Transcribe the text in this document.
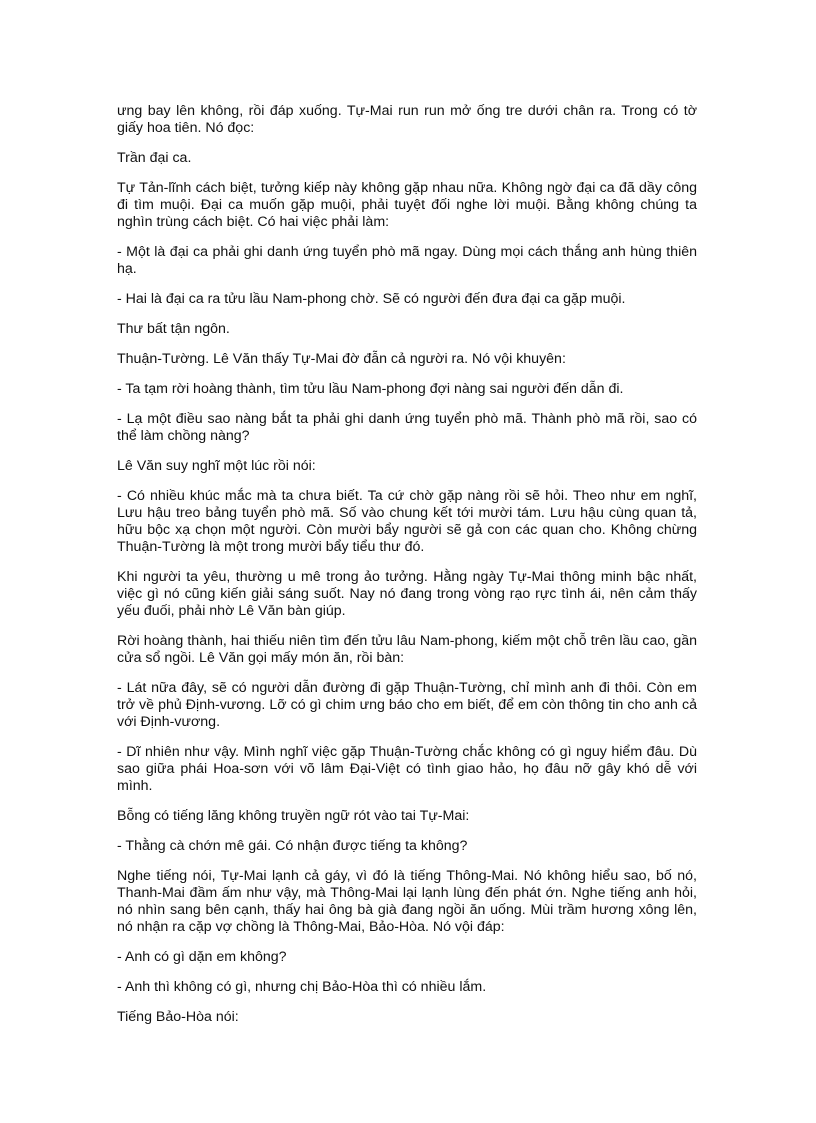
ưng bay lên không, rồi đáp xuống. Tự-Mai run run mở ống tre dưới chân ra. Trong có tờ giấy hoa tiên. Nó đọc:

Trần đại ca.

Tự Tản-lĩnh cách biệt, tưởng kiếp này không gặp nhau nữa. Không ngờ đại ca đã dầy công đi tìm muội. Đại ca muốn gặp muội, phải tuyệt đối nghe lời muội. Bằng không chúng ta nghìn trùng cách biệt. Có hai việc phải làm:

- Một là đại ca phải ghi danh ứng tuyển phò mã ngay. Dùng mọi cách thắng anh hùng thiên hạ.

- Hai là đại ca ra tửu lầu Nam-phong chờ. Sẽ có người đến đưa đại ca gặp muội.

Thư bất tận ngôn.

Thuận-Tường. Lê Văn thấy Tự-Mai đờ đẫn cả người ra. Nó vội khuyên:

- Ta tạm rời hoàng thành, tìm tửu lầu Nam-phong đợi nàng sai người đến dẫn đi.

- Lạ một điều sao nàng bắt ta phải ghi danh ứng tuyển phò mã. Thành phò mã rồi, sao có thể làm chồng nàng?

Lê Văn suy nghĩ một lúc rồi nói:

- Có nhiều khúc mắc mà ta chưa biết. Ta cứ chờ gặp nàng rồi sẽ hỏi. Theo như em nghĩ, Lưu hậu treo bảng tuyển phò mã. Số vào chung kết tới mười tám. Lưu hậu cùng quan tả, hữu bộc xạ chọn một người. Còn mười bẩy người sẽ gả con các quan cho. Không chừng Thuận-Tường là một trong mười bẩy tiểu thư đó.

Khi người ta yêu, thường u mê trong ảo tưởng. Hằng ngày Tự-Mai thông minh bậc nhất, việc gì nó cũng kiến giải sáng suốt. Nay nó đang trong vòng rạo rực tình ái, nên cảm thấy yếu đuối, phải nhờ Lê Văn bàn giúp.

Rời hoàng thành, hai thiếu niên tìm đến tửu lâu Nam-phong, kiếm một chỗ trên lầu cao, gần cửa sổ ngồi. Lê Văn gọi mấy món ăn, rồi bàn:

- Lát nữa đây, sẽ có người dẫn đường đi gặp Thuận-Tường, chỉ mình anh đi thôi. Còn em trở về phủ Định-vương. Lỡ có gì chim ưng báo cho em biết, để em còn thông tin cho anh cả với Định-vương.

- Dĩ nhiên như vậy. Mình nghĩ việc gặp Thuận-Tường chắc không có gì nguy hiểm đâu. Dù sao giữa phái Hoa-sơn với võ lâm Đại-Việt có tình giao hảo, họ đâu nỡ gây khó dễ với mình.

Bỗng có tiếng lăng không truyền ngữ rót vào tai Tự-Mai:

- Thằng cà chớn mê gái. Có nhận được tiếng ta không?

Nghe tiếng nói, Tự-Mai lạnh cả gáy, vì đó là tiếng Thông-Mai. Nó không hiểu sao, bố nó, Thanh-Mai đầm ấm như vậy, mà Thông-Mai lại lạnh lùng đến phát ớn. Nghe tiếng anh hỏi, nó nhìn sang bên cạnh, thấy hai ông bà già đang ngồi ăn uống. Mùi trầm hương xông lên, nó nhận ra cặp vợ chồng là Thông-Mai, Bảo-Hòa. Nó vội đáp:

- Anh có gì dặn em không?

- Anh thì không có gì, nhưng chị Bảo-Hòa thì có nhiều lắm.

Tiếng Bảo-Hòa nói:
